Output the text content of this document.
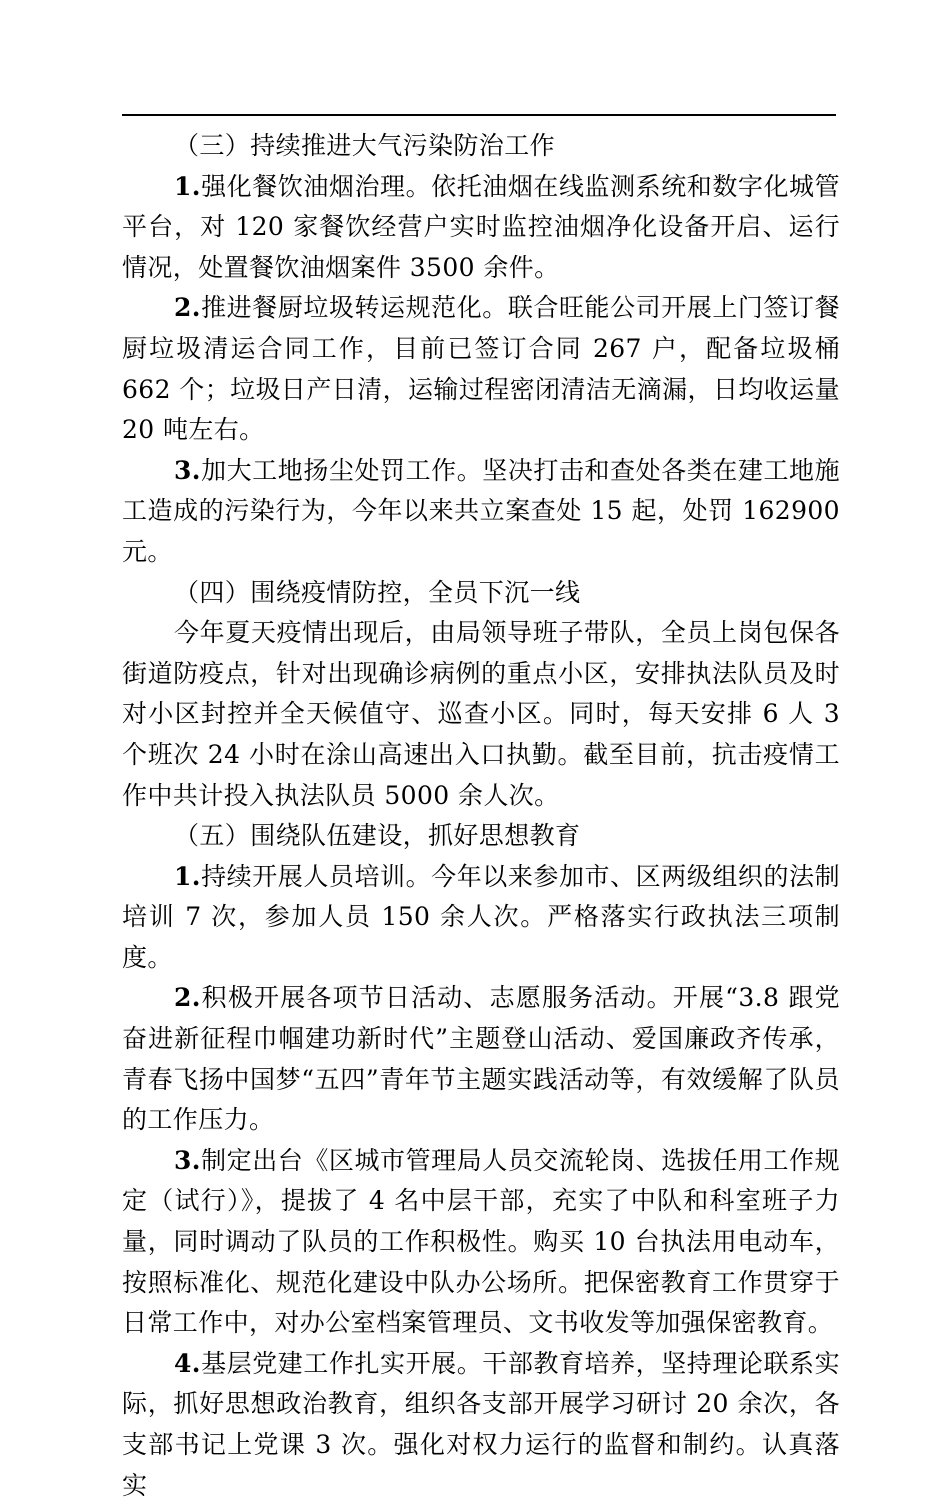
（三）持续推进大气污染防治工作

1.强化餐饮油烟治理。依托油烟在线监测系统和数字化城管平台，对 120 家餐饮经营户实时监控油烟净化设备开启、运行情况，处置餐饮油烟案件 3500 余件。

2.推进餐厨垃圾转运规范化。联合旺能公司开展上门签订餐厨垃圾清运合同工作，目前已签订合同 267 户，配备垃圾桶 662 个；垃圾日产日清，运输过程密闭清洁无滴漏，日均收运量 20 吨左右。

3.加大工地扬尘处罚工作。坚决打击和查处各类在建工地施工造成的污染行为，今年以来共立案查处 15 起，处罚 162900 元。

（四）围绕疫情防控，全员下沉一线

今年夏天疫情出现后，由局领导班子带队，全员上岗包保各街道防疫点，针对出现确诊病例的重点小区，安排执法队员及时对小区封控并全天候值守、巡查小区。同时，每天安排 6 人 3 个班次 24 小时在涂山高速出入口执勤。截至目前，抗击疫情工作中共计投入执法队员 5000 余人次。

（五）围绕队伍建设，抓好思想教育

1.持续开展人员培训。今年以来参加市、区两级组织的法制培训 7 次，参加人员 150 余人次。严格落实行政执法三项制度。

2.积极开展各项节日活动、志愿服务活动。开展“3.8 跟党奋进新征程巾帼建功新时代”主题登山活动、爱国廉政齐传承，青春飞扬中国梦“五四”青年节主题实践活动等，有效缓解了队员的工作压力。

3.制定出台《区城市管理局人员交流轮岗、选拔任用工作规定（试行）》，提拔了 4 名中层干部，充实了中队和科室班子力量，同时调动了队员的工作积极性。购买 10 台执法用电动车，按照标准化、规范化建设中队办公场所。把保密教育工作贯穿于日常工作中，对办公室档案管理员、文书收发等加强保密教育。

4.基层党建工作扎实开展。干部教育培养，坚持理论联系实际，抓好思想政治教育，组织各支部开展学习研讨 20 余次，各支部书记上党课 3 次。强化对权力运行的监督和制约。认真落实
